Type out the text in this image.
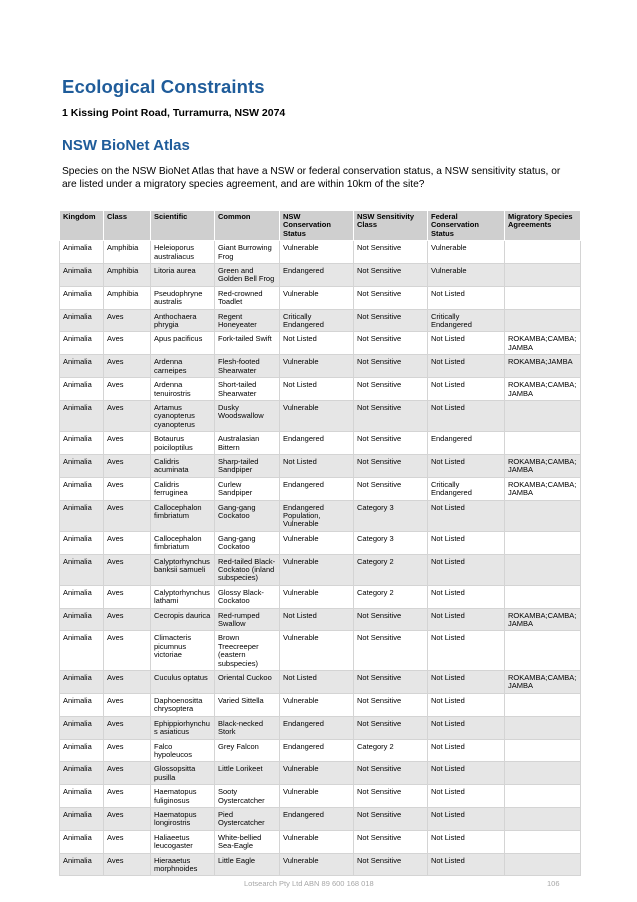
Ecological Constraints
1 Kissing Point Road, Turramurra, NSW 2074
NSW BioNet Atlas

Species on the NSW BioNet Atlas that have a NSW or federal conservation status, a NSW sensitivity status, or are listed under a migratory species agreement, and are within 10km of the site?

Kingdom	Class	Scientific	Common	NSW Conservation Status	NSW Sensitivity Class	Federal Conservation Status	Migratory Species Agreements
Animalia	Amphibia	Heleioporus australiacus	Giant Burrowing Frog	Vulnerable	Not Sensitive	Vulnerable	
Animalia	Amphibia	Litoria aurea	Green and Golden Bell Frog	Endangered	Not Sensitive	Vulnerable	
Animalia	Amphibia	Pseudophryne australis	Red-crowned Toadlet	Vulnerable	Not Sensitive	Not Listed	
Animalia	Aves	Anthochaera phrygia	Regent Honeyeater	Critically Endangered	Not Sensitive	Critically Endangered	
Animalia	Aves	Apus pacificus	Fork-tailed Swift	Not Listed	Not Sensitive	Not Listed	ROKAMBA;CAMBA; JAMBA
Animalia	Aves	Ardenna carneipes	Flesh-footed Shearwater	Vulnerable	Not Sensitive	Not Listed	ROKAMBA;JAMBA
Animalia	Aves	Ardenna tenuirostris	Short-tailed Shearwater	Not Listed	Not Sensitive	Not Listed	ROKAMBA;CAMBA; JAMBA
Animalia	Aves	Artamus cyanopterus cyanopterus	Dusky Woodswallow	Vulnerable	Not Sensitive	Not Listed	
Animalia	Aves	Botaurus poiciloptilus	Australasian Bittern	Endangered	Not Sensitive	Endangered	
Animalia	Aves	Calidris acuminata	Sharp-tailed Sandpiper	Not Listed	Not Sensitive	Not Listed	ROKAMBA;CAMBA; JAMBA
Animalia	Aves	Calidris ferruginea	Curlew Sandpiper	Endangered	Not Sensitive	Critically Endangered	ROKAMBA;CAMBA; JAMBA
Animalia	Aves	Callocephalon fimbriatum	Gang-gang Cockatoo	Endangered Population, Vulnerable	Category 3	Not Listed	
Animalia	Aves	Callocephalon fimbriatum	Gang-gang Cockatoo	Vulnerable	Category 3	Not Listed	
Animalia	Aves	Calyptorhynchus banksii samueli	Red-tailed Black-Cockatoo (inland subspecies)	Vulnerable	Category 2	Not Listed	
Animalia	Aves	Calyptorhynchus lathami	Glossy Black-Cockatoo	Vulnerable	Category 2	Not Listed	
Animalia	Aves	Cecropis daurica	Red-rumped Swallow	Not Listed	Not Sensitive	Not Listed	ROKAMBA;CAMBA; JAMBA
Animalia	Aves	Climacteris picumnus victoriae	Brown Treecreeper (eastern subspecies)	Vulnerable	Not Sensitive	Not Listed	
Animalia	Aves	Cuculus optatus	Oriental Cuckoo	Not Listed	Not Sensitive	Not Listed	ROKAMBA;CAMBA; JAMBA
Animalia	Aves	Daphoenositta chrysoptera	Varied Sittella	Vulnerable	Not Sensitive	Not Listed	
Animalia	Aves	Ephippiorhynchus asiaticus	Black-necked Stork	Endangered	Not Sensitive	Not Listed	
Animalia	Aves	Falco hypoleucos	Grey Falcon	Endangered	Category 2	Not Listed	
Animalia	Aves	Glossopsitta pusilla	Little Lorikeet	Vulnerable	Not Sensitive	Not Listed	
Animalia	Aves	Haematopus fuliginosus	Sooty Oystercatcher	Vulnerable	Not Sensitive	Not Listed	
Animalia	Aves	Haematopus longirostris	Pied Oystercatcher	Endangered	Not Sensitive	Not Listed	
Animalia	Aves	Haliaeetus leucogaster	White-bellied Sea-Eagle	Vulnerable	Not Sensitive	Not Listed	
Animalia	Aves	Hieraaetus morphnoides	Little Eagle	Vulnerable	Not Sensitive	Not Listed	
Lotsearch Pty Ltd ABN 89 600 168 018	106
